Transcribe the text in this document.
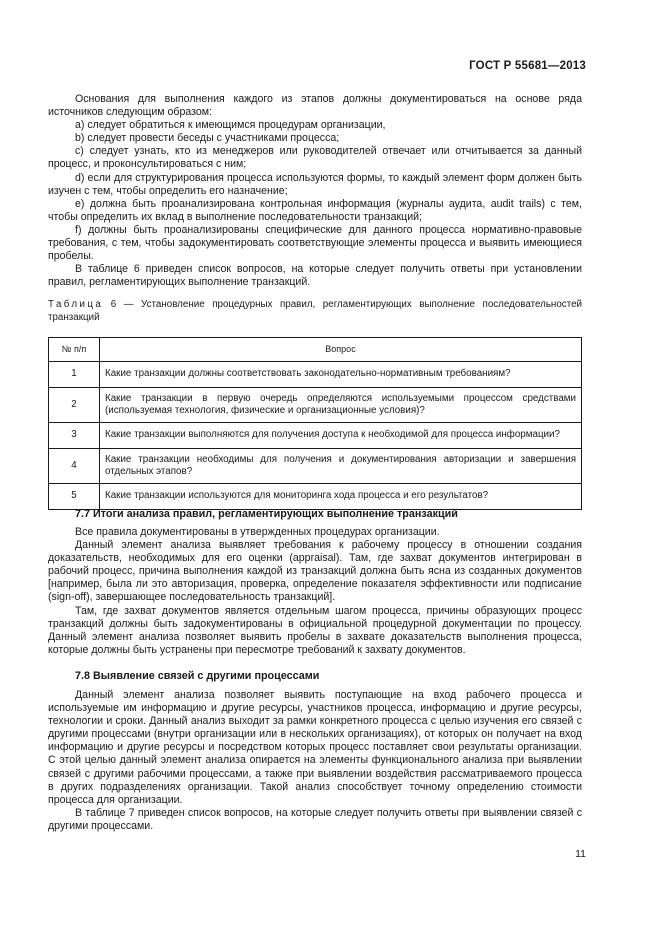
ГОСТ Р 55681—2013

Основания для выполнения каждого из этапов должны документироваться на основе ряда источников следующим образом:

а) следует обратиться к имеющимся процедурам организации,

b) следует провести беседы с участниками процесса;

с) следует узнать, кто из менеджеров или руководителей отвечает или отчитывается за данный процесс, и проконсультироваться с ним;

d) если для структурирования процесса используются формы, то каждый элемент форм должен быть изучен с тем, чтобы определить его назначение;

е) должна быть проанализирована контрольная информация (журналы аудита, audit trails) с тем, чтобы определить их вклад в выполнение последовательности транзакций;

f) должны быть проанализированы специфические для данного процесса нормативно-правовые требования, с тем, чтобы задокументировать соответствующие элементы процесса и выявить имеющиеся пробелы.

В таблице 6 приведен список вопросов, на которые следует получить ответы при установлении правил, регламентирующих выполнение транзакций.

Таблица 6 — Установление процедурных правил, регламентирующих выполнение последовательностей транзакций
№ п/п	Вопрос
1	Какие транзакции должны соответствовать законодательно-нормативным требованиям?
2	Какие транзакции в первую очередь определяются используемыми процессом средствами (используемая технология, физические и организационные условия)?
3	Какие транзакции выполняются для получения доступа к необходимой для процесса информации?
4	Какие транзакции необходимы для получения и документирования авторизации и завершения отдельных этапов?
5	Какие транзакции используются для мониторинга хода процесса и его результатов?
7.7 Итоги анализа правил, регламентирующих выполнение транзакций

Все правила документированы в утвержденных процедурах организации.

Данный элемент анализа выявляет требования к рабочему процессу в отношении создания доказательств, необходимых для его оценки (appraisal). Там, где захват документов интегрирован в рабочий процесс, причина выполнения каждой из транзакций должна быть ясна из созданных документов [например, была ли это авторизация, проверка, определение показателя эффективности или подписание (sign-off), завершающее последовательность транзакций].

Там, где захват документов является отдельным шагом процесса, причины образующих процесс транзакций должны быть задокументированы в официальной процедурной документации по процессу. Данный элемент анализа позволяет выявить пробелы в захвате доказательств выполнения процесса, которые должны быть устранены при пересмотре требований к захвату документов.

7.8 Выявление связей с другими процессами

Данный элемент анализа позволяет выявить поступающие на вход рабочего процесса и используемые им информацию и другие ресурсы, участников процесса, информацию и другие ресурсы, технологии и сроки. Данный анализ выходит за рамки конкретного процесса с целью изучения его связей с другими процессами (внутри организации или в нескольких организациях), от которых он получает на вход информацию и другие ресурсы и посредством которых процесс поставляет свои результаты организации. С этой целью данный элемент анализа опирается на элементы функционального анализа при выявлении связей с другими рабочими процессами, а также при выявлении воздействия рассматриваемого процесса в других подразделениях организации. Такой анализ способствует точному определению стоимости процесса для организации.

В таблице 7 приведен список вопросов, на которые следует получить ответы при выявлении связей с другими процессами.

11
